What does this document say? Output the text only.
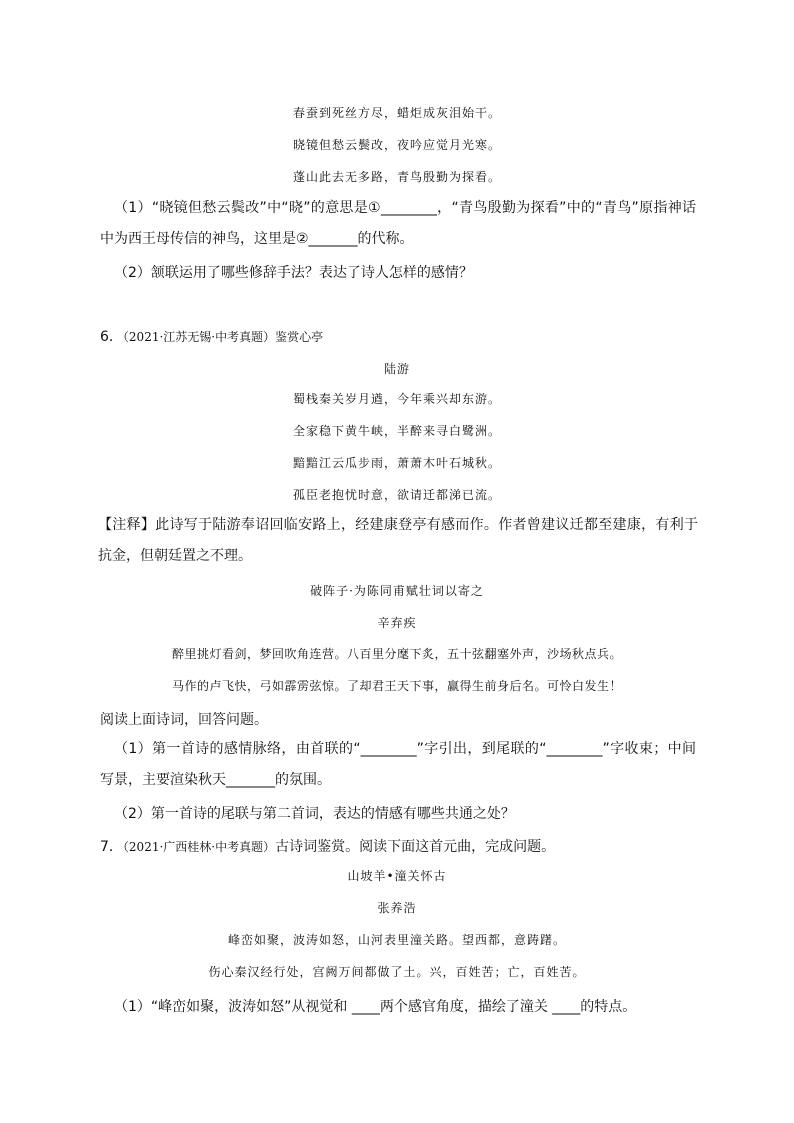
春蚕到死丝方尽，蜡炬成灰泪始干。
晓镜但愁云鬓改，夜吟应觉月光寒。
蓬山此去无多路，青鸟殷勤为探看。
（1）“晓镜但愁云鬓改”中“晓”的意思是①________，“青鸟殷勤为探看”中的“青鸟”原指神话中为西王母传信的神鸟，这里是②_______的代称。
（2）颔联运用了哪些修辞手法？表达了诗人怎样的感情？
6．（2021·江苏无锡·中考真题）鉴赏心亭
陆游
蜀栈秦关岁月遒，今年乘兴却东游。
全家稳下黄牛峡，半醉来寻白鹭洲。
黯黯江云瓜步雨，萧萧木叶石城秋。
孤臣老抱忧时意，欲请迁都涕已流。
【注释】此诗写于陆游奉诏回临安路上，经建康登亭有感而作。作者曾建议迁都至建康，有利于抗金，但朝廷置之不理。
破阵子·为陈同甫赋壮词以寄之
辛弃疾
醉里挑灯看剑，梦回吹角连营。八百里分麾下炙，五十弦翻塞外声，沙场秋点兵。
马作的卢飞快，弓如霹雳弦惊。了却君王天下事，赢得生前身后名。可怜白发生！
阅读上面诗词，回答问题。
（1）第一首诗的感情脉络，由首联的“________”字引出，到尾联的“________”字收束；中间写景，主要渲染秋天_______的氛围。
（2）第一首诗的尾联与第二首词，表达的情感有哪些共通之处？
7．（2021·广西桂林·中考真题）古诗词鉴赏。阅读下面这首元曲，完成问题。
山坡羊•潼关怀古
张养浩
峰峦如聚，波涛如怒，山河表里潼关路。望西都，意踌躇。
伤心秦汉经行处，宫阙万间都做了土。兴，百姓苦；亡，百姓苦。
（1）“峰峦如聚，波涛如怒”从视觉和 ____两个感官角度，描绘了潼关 ____的特点。
